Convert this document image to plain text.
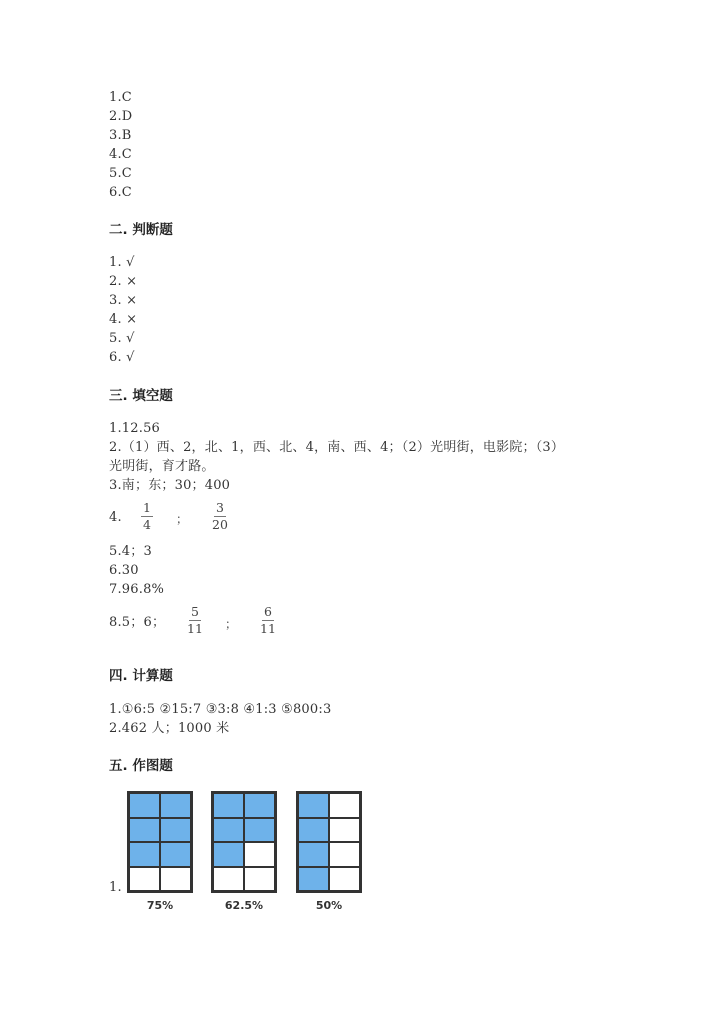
1.C
2.D
3.B
4.C
5.C
6.C
二. 判断题
1. √
2. ×
3. ×
4. ×
5. √
6. √
三. 填空题
1.12.56
2.（1）西、2，北、1，西、北、4，南、西、4；（2）光明街，电影院；（3）
光明街，育才路。
3.南；东；30；400
4. $\frac{1}{4}$ ； $\frac{3}{20}$
5.4；3
6.30
7.96.8%
8.5；6； $\frac{5}{11}$ ； $\frac{6}{11}$
四. 计算题
1.①6:5 ②15:7 ③3:8 ④1:3 ⑤800:3
2.462 人；1000 米
五. 作图题
1.
75%	62.5%	50%
